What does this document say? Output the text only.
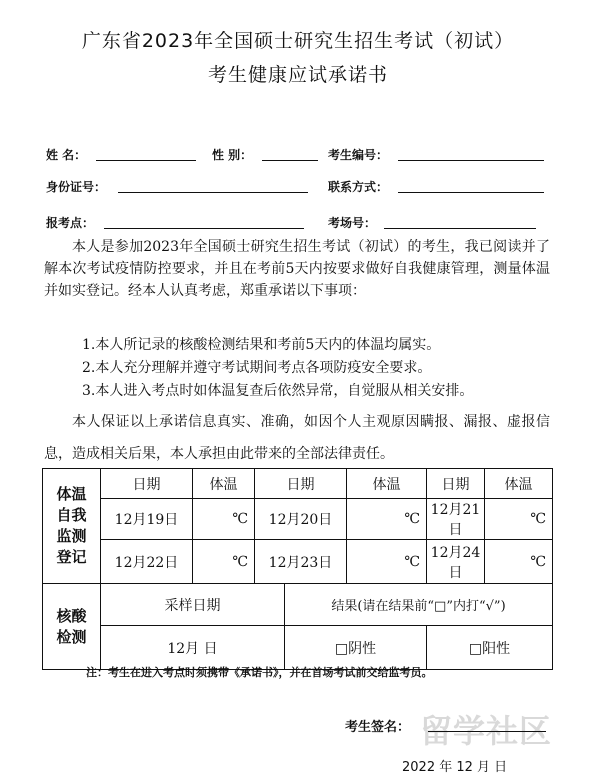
广东省2023年全国硕士研究生招生考试（初试）
考生健康应试承诺书
姓 名：	性 别：	考生编号：
身份证号：	联系方式：
报考点：	考场号：

本人是参加2023年全国硕士研究生招生考试（初试）的考生，我已阅读并了解本次考试疫情防控要求，并且在考前5天内按要求做好自我健康管理，测量体温并如实登记。经本人认真考虑，郑重承诺以下事项：

1.本人所记录的核酸检测结果和考前5天内的体温均属实。
2.本人充分理解并遵守考试期间考点各项防疫安全要求。
3.本人进入考点时如体温复查后依然异常，自觉服从相关安排。

本人保证以上承诺信息真实、准确，如因个人主观原因瞒报、漏报、虚报信息，造成相关后果，本人承担由此带来的全部法律责任。

体温自我监测登记	日期	体温	日期		体温	日期	体温
	12月19日	℃	12月20日		℃	12月21日	℃
	12月22日	℃	12月23日		℃	12月24日	℃

核酸检测	采样日期			结果(请在结果前“□”内打“√”)			
	12月 日			□阴性		□阳性	
注：考生在进入考点时须携带《承诺书》，并在首场考试前交给监考员。
留学社区
考生签名：
2022 年 12 月 日
